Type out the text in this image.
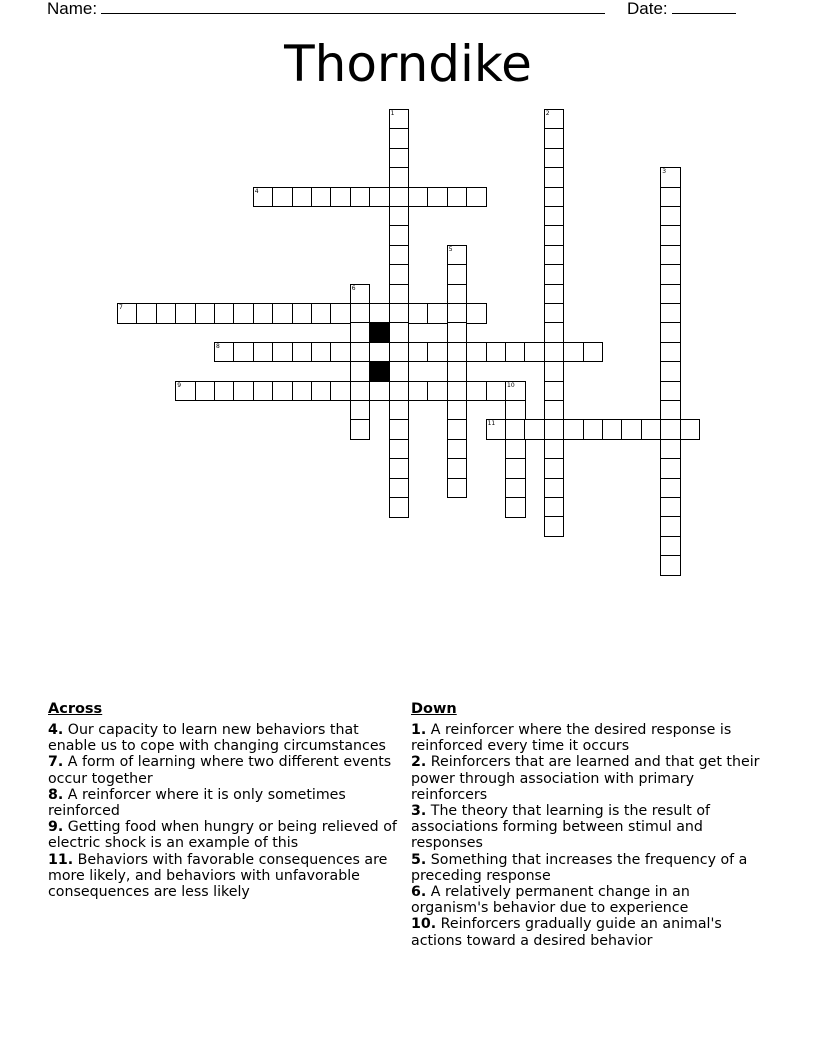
Name:	Date:
Thorndike
1	2
3
4
5
6
7
8
9	10
11
Across
4. Our capacity to learn new behaviors that enable us to cope with changing circumstances
7. A form of learning where two different events occur together
8. A reinforcer where it is only sometimes reinforced
9. Getting food when hungry or being relieved of electric shock is an example of this
11. Behaviors with favorable consequences are more likely, and behaviors with unfavorable consequences are less likely
Down
1. A reinforcer where the desired response is reinforced every time it occurs
2. Reinforcers that are learned and that get their power through association with primary reinforcers
3. The theory that learning is the result of associations forming between stimul and responses
5. Something that increases the frequency of a preceding response
6. A relatively permanent change in an organism's behavior due to experience
10. Reinforcers gradually guide an animal's actions toward a desired behavior
